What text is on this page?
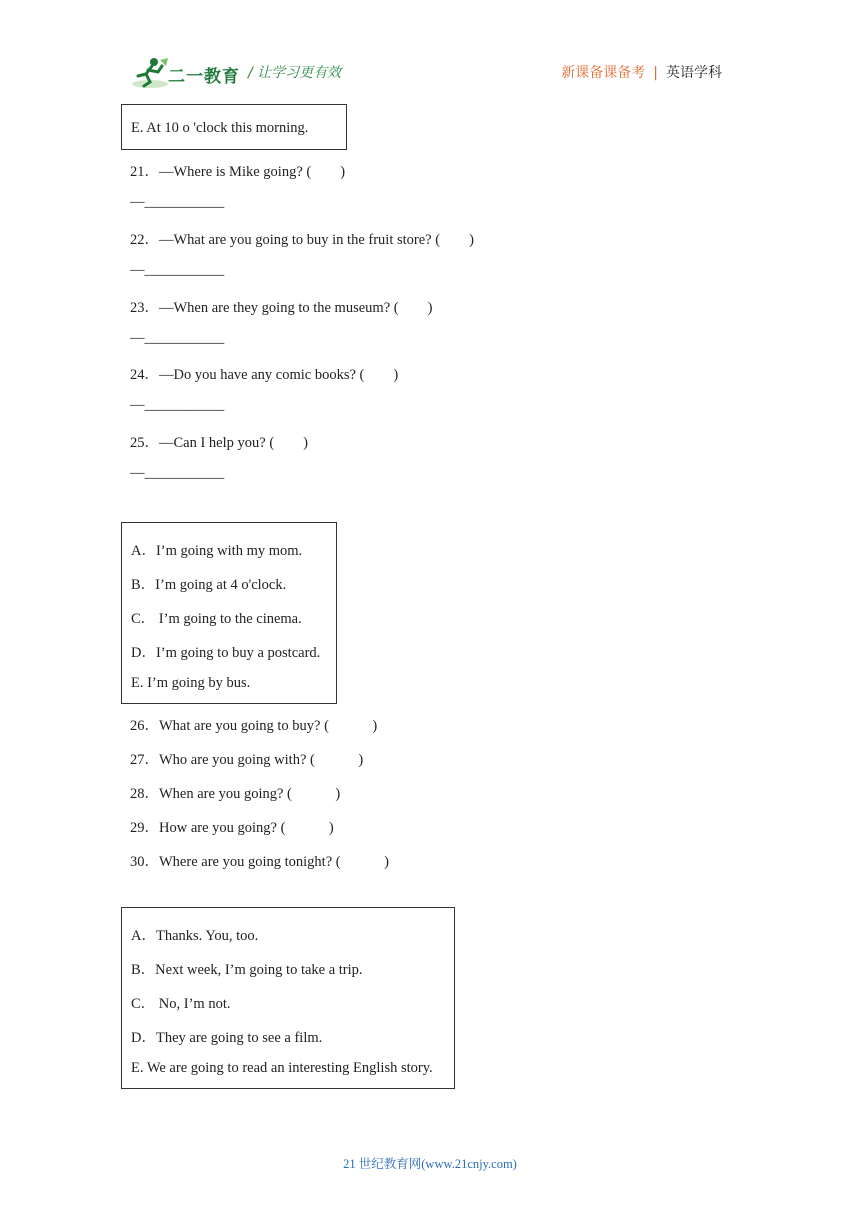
二一教育 / 让学习更有效	新课备课备考 | 英语学科
E. At 10 o 'clock this morning.
21．—Where is Mike going? (　　)
—___________
22．—What are you going to buy in the fruit store? (　　)
—___________
23．—When are they going to the museum? (　　)
—___________
24．—Do you have any comic books? (　　)
—___________
25．—Can I help you? (　　)
—___________
A．I’m going with my mom.
B．I’m going at 4 o'clock.
C． I’m going to the cinema.
D．I’m going to buy a postcard.
E. I’m going by bus.
26．What are you going to buy? (　　　)
27．Who are you going with? (　　　)
28．When are you going? (　　　)
29．How are you going? (　　　)
30．Where are you going tonight? (　　　)
A．Thanks. You, too.
B．Next week, I’m going to take a trip.
C． No, I’m not.
D．They are going to see a film.
E. We are going to read an interesting English story.
21 世纪教育网(www.21cnjy.com)
